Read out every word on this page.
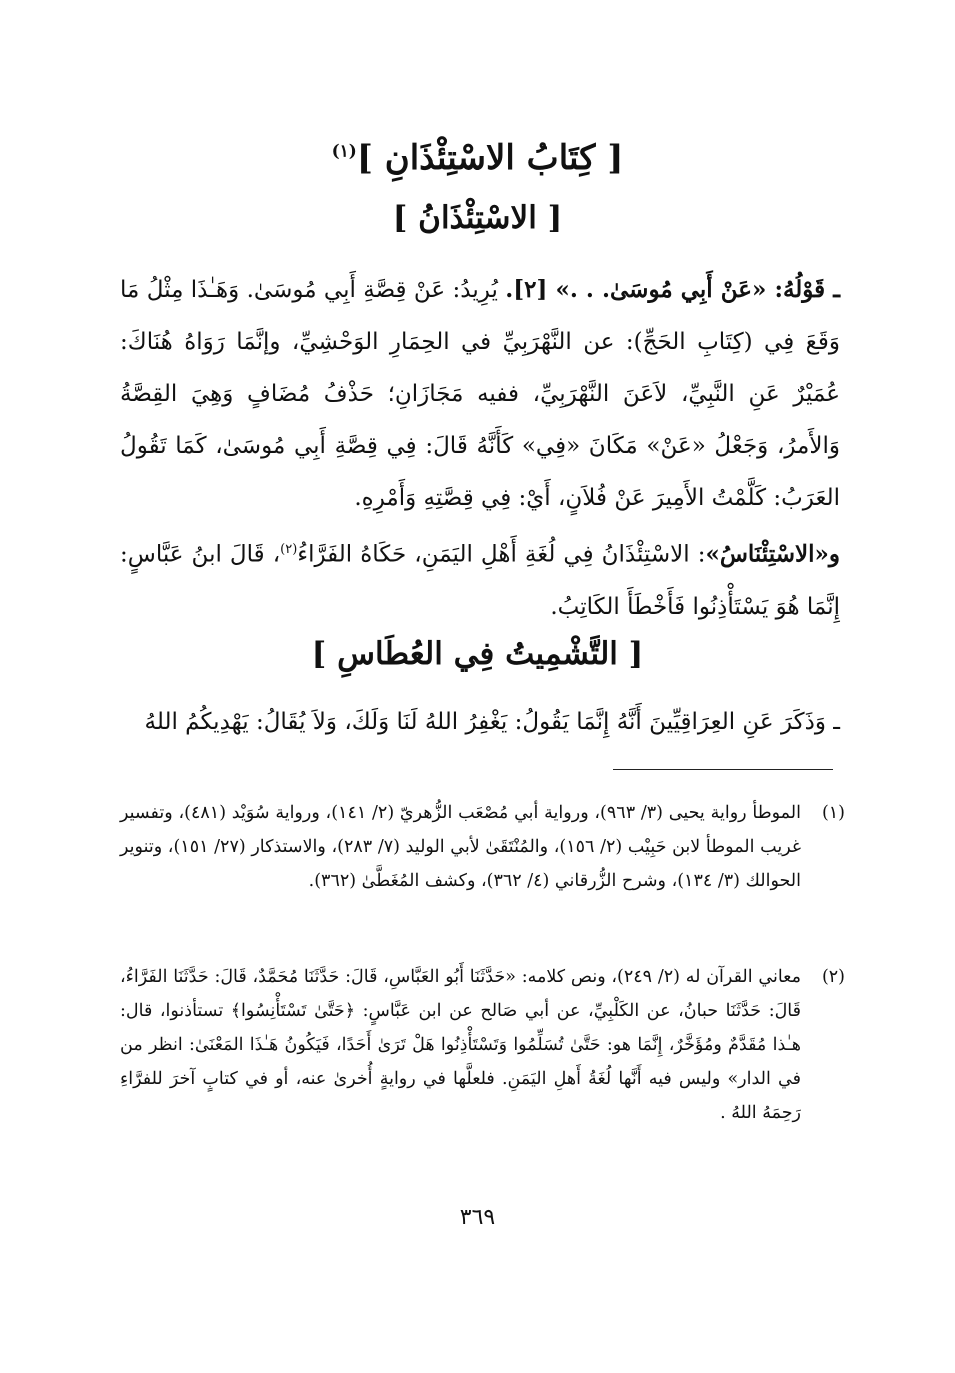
[ كِتَابُ الاسْتِئْذَانِ ]$^{(١)}$
[ الاسْتِئْذَانُ ]
ـ قَوْلُهُ: «عَنْ أَبِي مُوسَىٰ. . .» [٢]. يُرِيدُ: عَنْ قِصَّةِ أَبِي مُوسَىٰ. وَهَـٰذَا مِثْلُ مَا وَقَعَ فِي (كِتَابِ الحَجِّ): عن النَّهْرَبِيِّ في الحِمَارِ الوَحْشِيِّ، وإنَّمَا رَوَاهُ هُنَاكَ: عُمَيْرٌ عَنِ النَّبِيِّ، لاَعَنَ النَّهْرَبِيِّ، ففيه مَجَازَانِ؛ حَذْفُ مُضَافٍ وَهِيَ القِصَّةُ وَالأَمرُ، وَجَعْلُ «عَنْ» مَكَانَ «فِي» كَأَنَّهُ قَالَ: فِي قِصَّةِ أَبِي مُوسَىٰ، كَمَا تَقُولُ العَرَبُ: كَلَّمْتُ الأَمِيرَ عَنْ فُلاَنٍ، أَيْ: فِي قِصَّتِهِ وَأَمْرِهِ.
و«الاسْتِئْنَاسُ»: الاسْتِئْذَانُ فِي لُغَةِ أَهْلِ اليَمَنِ، حَكَاهُ الفَرَّاءُ$^{(٢)}$، قَالَ ابنُ عَبَّاسٍ: إِنَّمَا هُوَ يَسْتَأْذِنُوا فَأَخْطَأَ الكَاتِبُ.
[ التَّشْمِيتُ فِي العُطَاسِ ]
ـ وَذَكَرَ عَنِ العِرَاقِيِّينَ أَنَّهُ إِنَّمَا يَقُولُ: يَغْفِرُ اللهُ لَنَا وَلَكَ، وَلاَ يُقَالُ: يَهْدِيكُمُ اللهُ
(١)
الموطأ رواية يحيى (٣/ ٩٦٣)، ورواية أبي مُصْعَب الزُّهريّ (٢/ ١٤١)، ورواية سُوَيْد (٤٨١)، وتفسير غريب الموطأ لابن حَبِيْب (٢/ ١٥٦)، والمُنْتَقَىٰ لأبي الوليد (٧/ ٢٨٣)، والاستذكار (٢٧/ ١٥١)، وتنوير الحوالك (٣/ ١٣٤)، وشرح الزُّرقاني (٤/ ٣٦٢)، وكشف المُغَطَّىٰ (٣٦٢).
(٢)
معاني القرآن له (٢/ ٢٤٩)، ونص كلامه: «حَدَّثَنَا أَبُو العَبَّاسِ، قَالَ: حَدَّثَنَا مُحَمَّدٌ، قَالَ: حَدَّثَنَا الفَرَّاءُ، قَالَ: حَدَّثَنَا حبانُ، عن الكَلْبِيِّ، عن أبي صَالح عن ابن عَبَّاسٍ: ﴿حَتَّىٰ تَسْتَأْنِسُوا﴾ تستأذنوا، قال: هـٰذا مُقَدَّمٌ ومُؤَخَّرٌ، إِنَّمَا هو: حَتَّىٰ تُسَلِّمُوا وَتَسْتَأْذِنُوا هَلْ تَرَىٰ أَحَدًا، فَيَكُونُ هَـٰذَا المَعْنَىٰ: انظر من في الدار» وليس فيه أَنَّها لُغَةُ أَهلِ اليَمَنِ. فلعلَّها في روايةٍ أُخرىٰ عنه، أو في كتابٍ آخرَ للفرَّاءِ رَحِمَهُ اللهُ .
٣٦٩
